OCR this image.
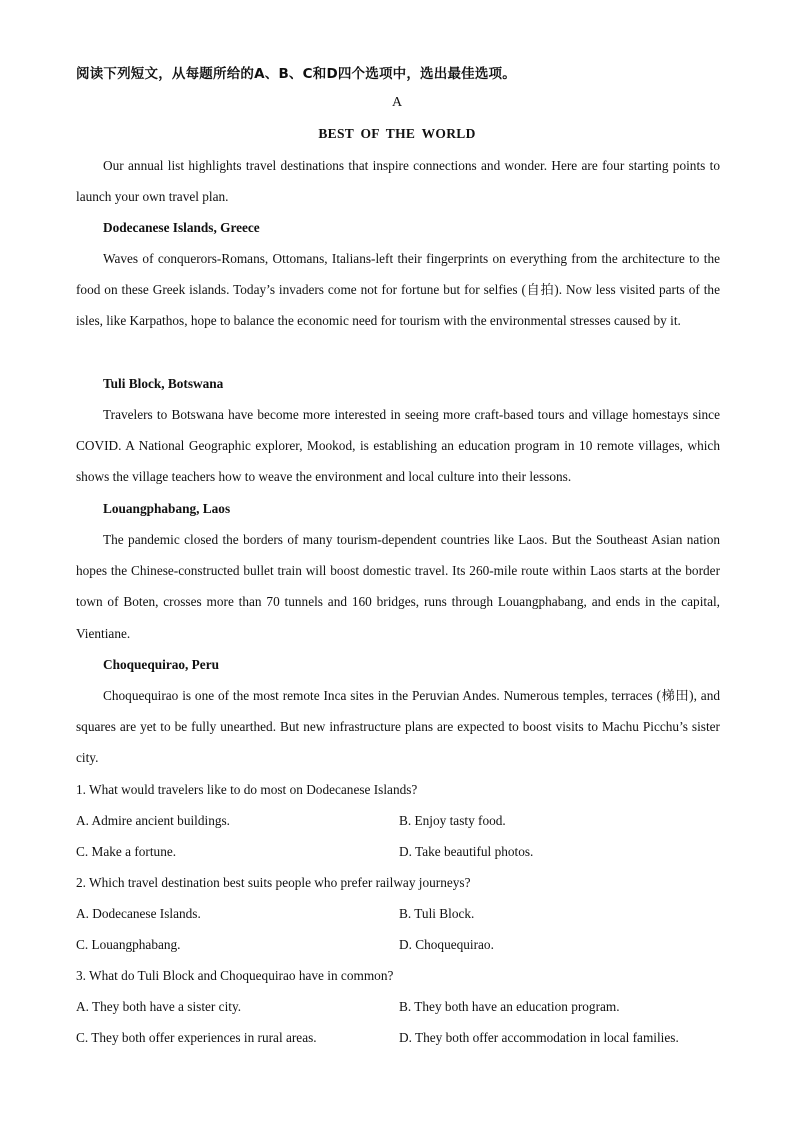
阅读下列短文，从每题所给的A、B、C和D四个选项中，选出最佳选项。
A
BEST OF THE WORLD

Our annual list highlights travel destinations that inspire connections and wonder. Here are four starting points to launch your own travel plan.

Dodecanese Islands, Greece

Waves of conquerors-Romans, Ottomans, Italians-left their fingerprints on everything from the architecture to the food on these Greek islands. Today’s invaders come not for fortune but for selfies (自拍). Now less visited parts of the isles, like Karpathos, hope to balance the economic need for tourism with the environmental stresses caused by it.

Tuli Block, Botswana

Travelers to Botswana have become more interested in seeing more craft-based tours and village homestays since COVID. A National Geographic explorer, Mookod, is establishing an education program in 10 remote villages, which shows the village teachers how to weave the environment and local culture into their lessons.

Louangphabang, Laos

The pandemic closed the borders of many tourism-dependent countries like Laos. But the Southeast Asian nation hopes the Chinese-constructed bullet train will boost domestic travel. Its 260-mile route within Laos starts at the border town of Boten, crosses more than 70 tunnels and 160 bridges, runs through Louangphabang, and ends in the capital, Vientiane.

Choquequirao, Peru

Choquequirao is one of the most remote Inca sites in the Peruvian Andes. Numerous temples, terraces (梯田), and squares are yet to be fully unearthed. But new infrastructure plans are expected to boost visits to Machu Picchu’s sister city.

1. What would travelers like to do most on Dodecanese Islands?
A. Admire ancient buildings.	B. Enjoy tasty food.
C. Make a fortune.	D. Take beautiful photos.
2. Which travel destination best suits people who prefer railway journeys?
A. Dodecanese Islands.	B. Tuli Block.
C. Louangphabang.	D. Choquequirao.
3. What do Tuli Block and Choquequirao have in common?
A. They both have a sister city.	B. They both have an education program.
C. They both offer experiences in rural areas.	D. They both offer accommodation in local families.
